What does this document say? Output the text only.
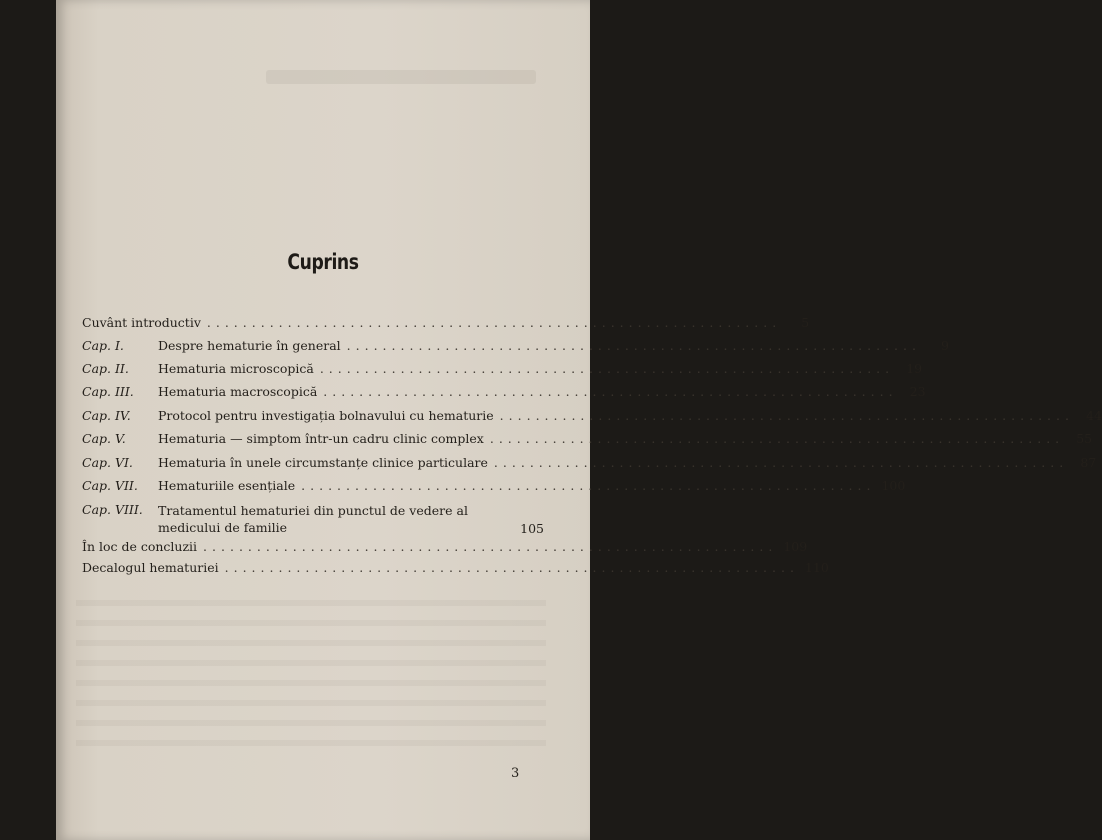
Cuprins
Cuvânt introductiv ................................................................	5
Cap. I.	Despre hematurie în general ................................................................	9
Cap. II.	Hematuria microscopică ................................................................ 19
Cap. III.	Hematuria macroscopică ................................................................ 23
Cap. IV.	Protocol pentru investigația bolnavului cu hematurie ................................................................ 44
Cap. V.	Hematuria — simptom într-un cadru clinic complex ................................................................ 55
Cap. VI.	Hematuria în unele circumstanțe clinice particulare ................................................................ 87
Cap. VII.	Hematuriile esențiale ................................................................ 100
Cap. VIII.	Tratamentul hematuriei din punctul de vedere al medicului de familie	105
În loc de concluzii ................................................................ 109
Decalogul hematuriei ................................................................ 110
3
